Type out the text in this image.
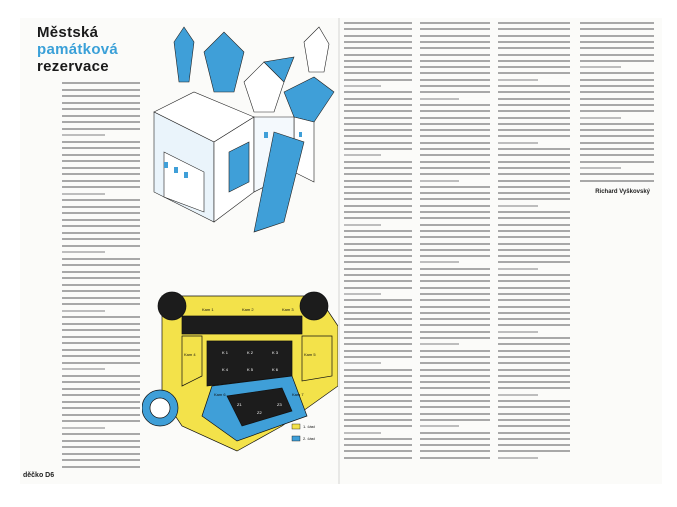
Městská
památková
rezervace
Kam 1	Kam 2	Kam 3
Kam 4	Kam 5
Kam 6	Kam 7
K 1	K 2	K 3
K 4	K 5	K 6
Z1
Z2
Z3
1. část
2. část
děčko D6
Richard Vyškovský
